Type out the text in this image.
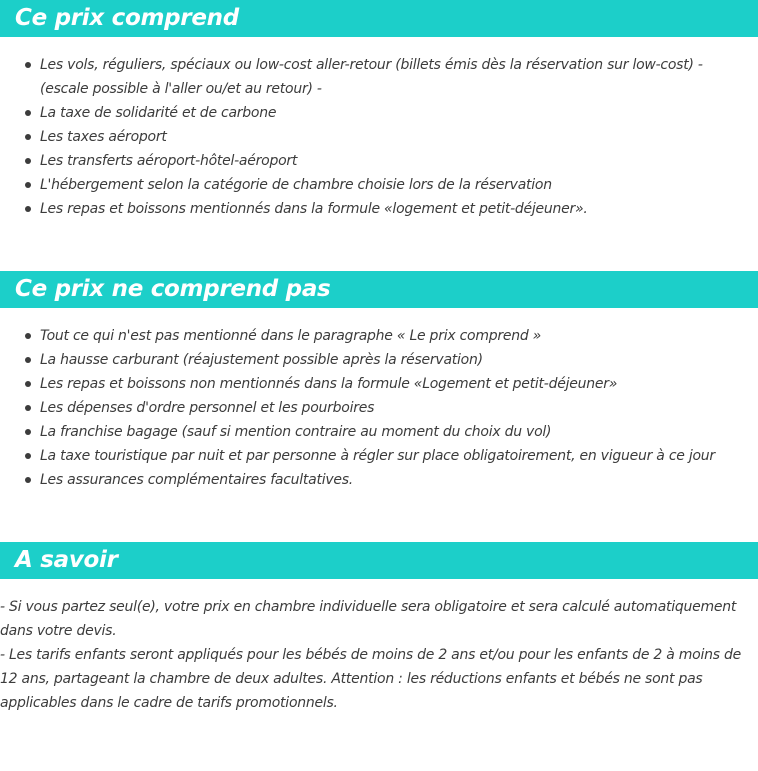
Ce prix comprend
Les vols, réguliers, spéciaux ou low-cost aller-retour (billets émis dès la réservation sur low-cost) - (escale possible à l'aller ou/et au retour) -
La taxe de solidarité et de carbone
Les taxes aéroport
Les transferts aéroport-hôtel-aéroport
L'hébergement selon la catégorie de chambre choisie lors de la réservation
Les repas et boissons mentionnés dans la formule «logement et petit-déjeuner».
Ce prix ne comprend pas
Tout ce qui n'est pas mentionné dans le paragraphe « Le prix comprend »
La hausse carburant (réajustement possible après la réservation)
Les repas et boissons non mentionnés dans la formule «Logement et petit-déjeuner»
Les dépenses d'ordre personnel et les pourboires
La franchise bagage (sauf si mention contraire au moment du choix du vol)
La taxe touristique par nuit et par personne à régler sur place obligatoirement, en vigueur à ce jour
Les assurances complémentaires facultatives.
A savoir

- Si vous partez seul(e), votre prix en chambre individuelle sera obligatoire et sera calculé automatiquement dans votre devis.

- Les tarifs enfants seront appliqués pour les bébés de moins de 2 ans et/ou pour les enfants de 2 à moins de 12 ans, partageant la chambre de deux adultes. Attention : les réductions enfants et bébés ne sont pas applicables dans le cadre de tarifs promotionnels.
